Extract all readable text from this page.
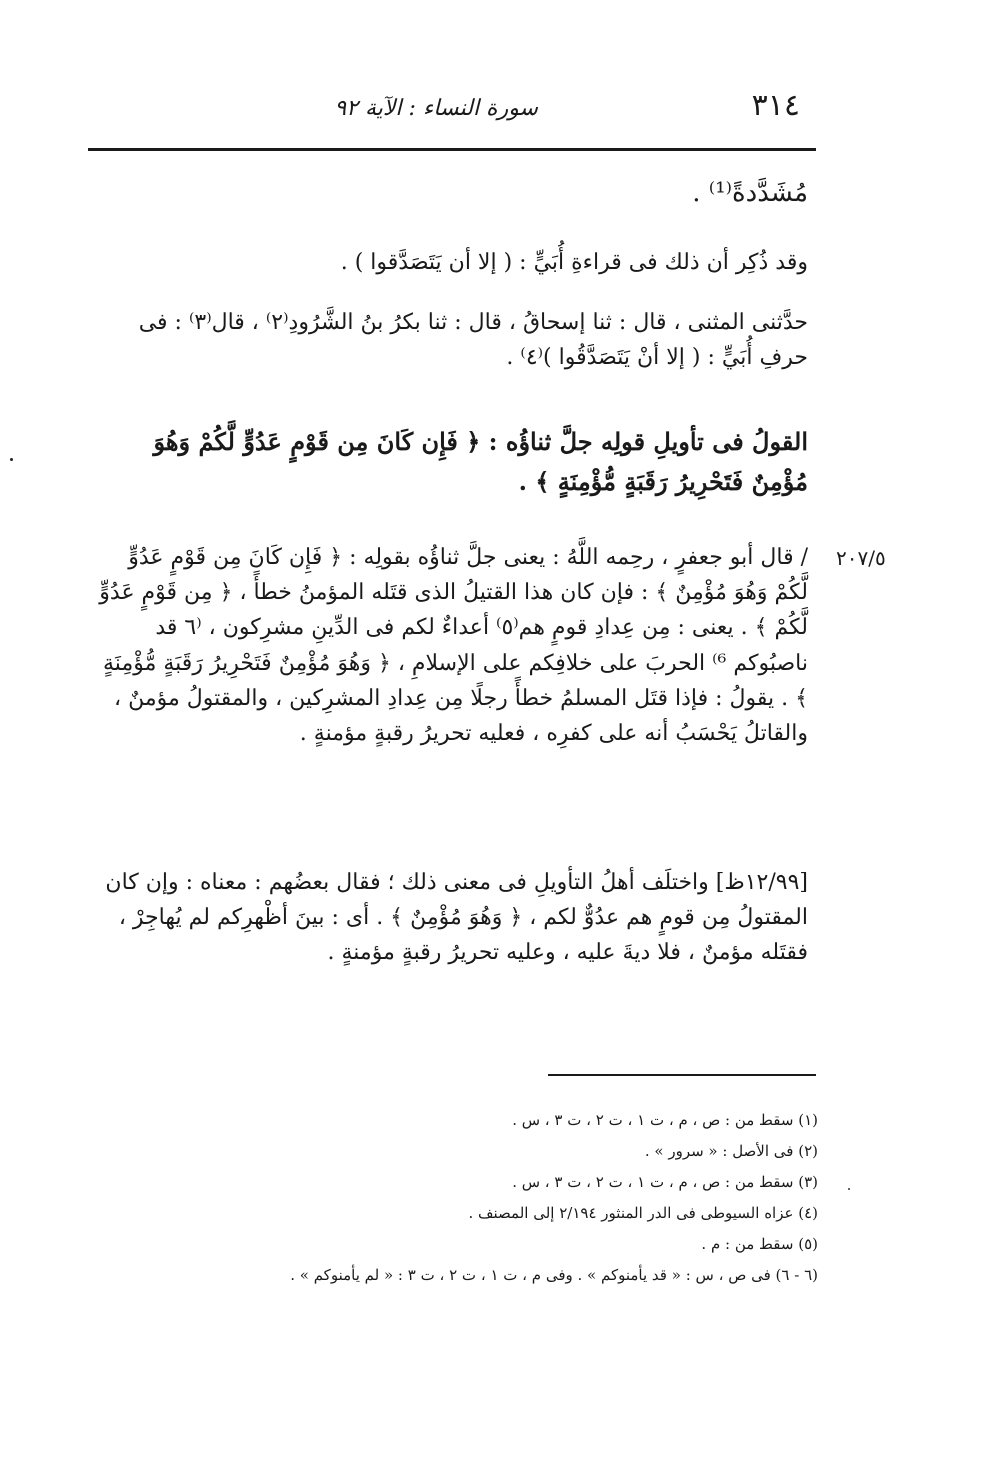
٣١٤
سورة النساء : الآية ٩٢

مُشَدَّدةً⁽¹⁾ .

وقد ذُكِر أن ذلك فى قراءةِ أُبَيٍّ : ( إلا أن يَتَصَدَّقوا ) .

حدَّثنى المثنى ، قال : ثنا إسحاقُ ، قال : ثنا بكرُ بنُ الشَّرُودِ⁽٢⁾ ، قال⁽٣⁾ : فى حرفِ أُبَيٍّ : ( إلا أنْ يَتَصَدَّقُوا )⁽٤⁾ .

القولُ فى تأويلِ قولِه جلَّ ثناؤُه : ﴿ فَإِن كَانَ مِن قَوْمٍ عَدُوٍّ لَّكُمْ وَهُوَ مُؤْمِنٌ فَتَحْرِيرُ رَقَبَةٍ مُّؤْمِنَةٍ ﴾ .

٢٠٧/٥

/ قال أبو جعفرٍ ، رحِمه اللَّهُ : يعنى جلَّ ثناؤُه بقولِه : ﴿ فَإِن كَانَ مِن قَوْمٍ عَدُوٍّ لَّكُمْ وَهُوَ مُؤْمِنٌ ﴾ : فإن كان هذا القتيلُ الذى قتَله المؤمنُ خطأً ، ﴿ مِن قَوْمٍ عَدُوٍّ لَّكُمْ ﴾ . يعنى : مِن عِدادِ قومٍ هم⁽٥⁾ أعداءٌ لكم فى الدِّينِ مشرِكون ، ⁽٦ قد ناصبُوكم ⁶⁾ الحربَ على خلافِكم على الإسلامِ ، ﴿ وَهُوَ مُؤْمِنٌ فَتَحْرِيرُ رَقَبَةٍ مُّؤْمِنَةٍ ﴾ . يقولُ : فإذا قتَل المسلمُ خطأً رجلًا مِن عِدادِ المشرِكين ، والمقتولُ مؤمنٌ ، والقاتلُ يَحْسَبُ أنه على كفرِه ، فعليه تحريرُ رقبةٍ مؤمنةٍ .

[١٢/٩٩ظ] واختلَف أهلُ التأويلِ فى معنى ذلك ؛ فقال بعضُهم : معناه : وإن كان المقتولُ مِن قومٍ هم عدُوٌّ لكم ، ﴿ وَهُوَ مُؤْمِنٌ ﴾ . أى : بينَ أظْهرِكم لم يُهاجِرْ ، فقتَله مؤمنٌ ، فلا ديةَ عليه ، وعليه تحريرُ رقبةٍ مؤمنةٍ .

(١) سقط من : ص ، م ، ت ١ ، ت ٢ ، ت ٣ ، س .

(٢) فى الأصل : « سرور » .

(٣) سقط من : ص ، م ، ت ١ ، ت ٢ ، ت ٣ ، س .

(٤) عزاه السيوطى فى الدر المنثور ٢/١٩٤ إلى المصنف .

(٥) سقط من : م .

(٦ - ٦) فى ص ، س : « قد يأمنوكم » . وفى م ، ت ١ ، ت ٢ ، ت ٣ : « لم يأمنوكم » .
